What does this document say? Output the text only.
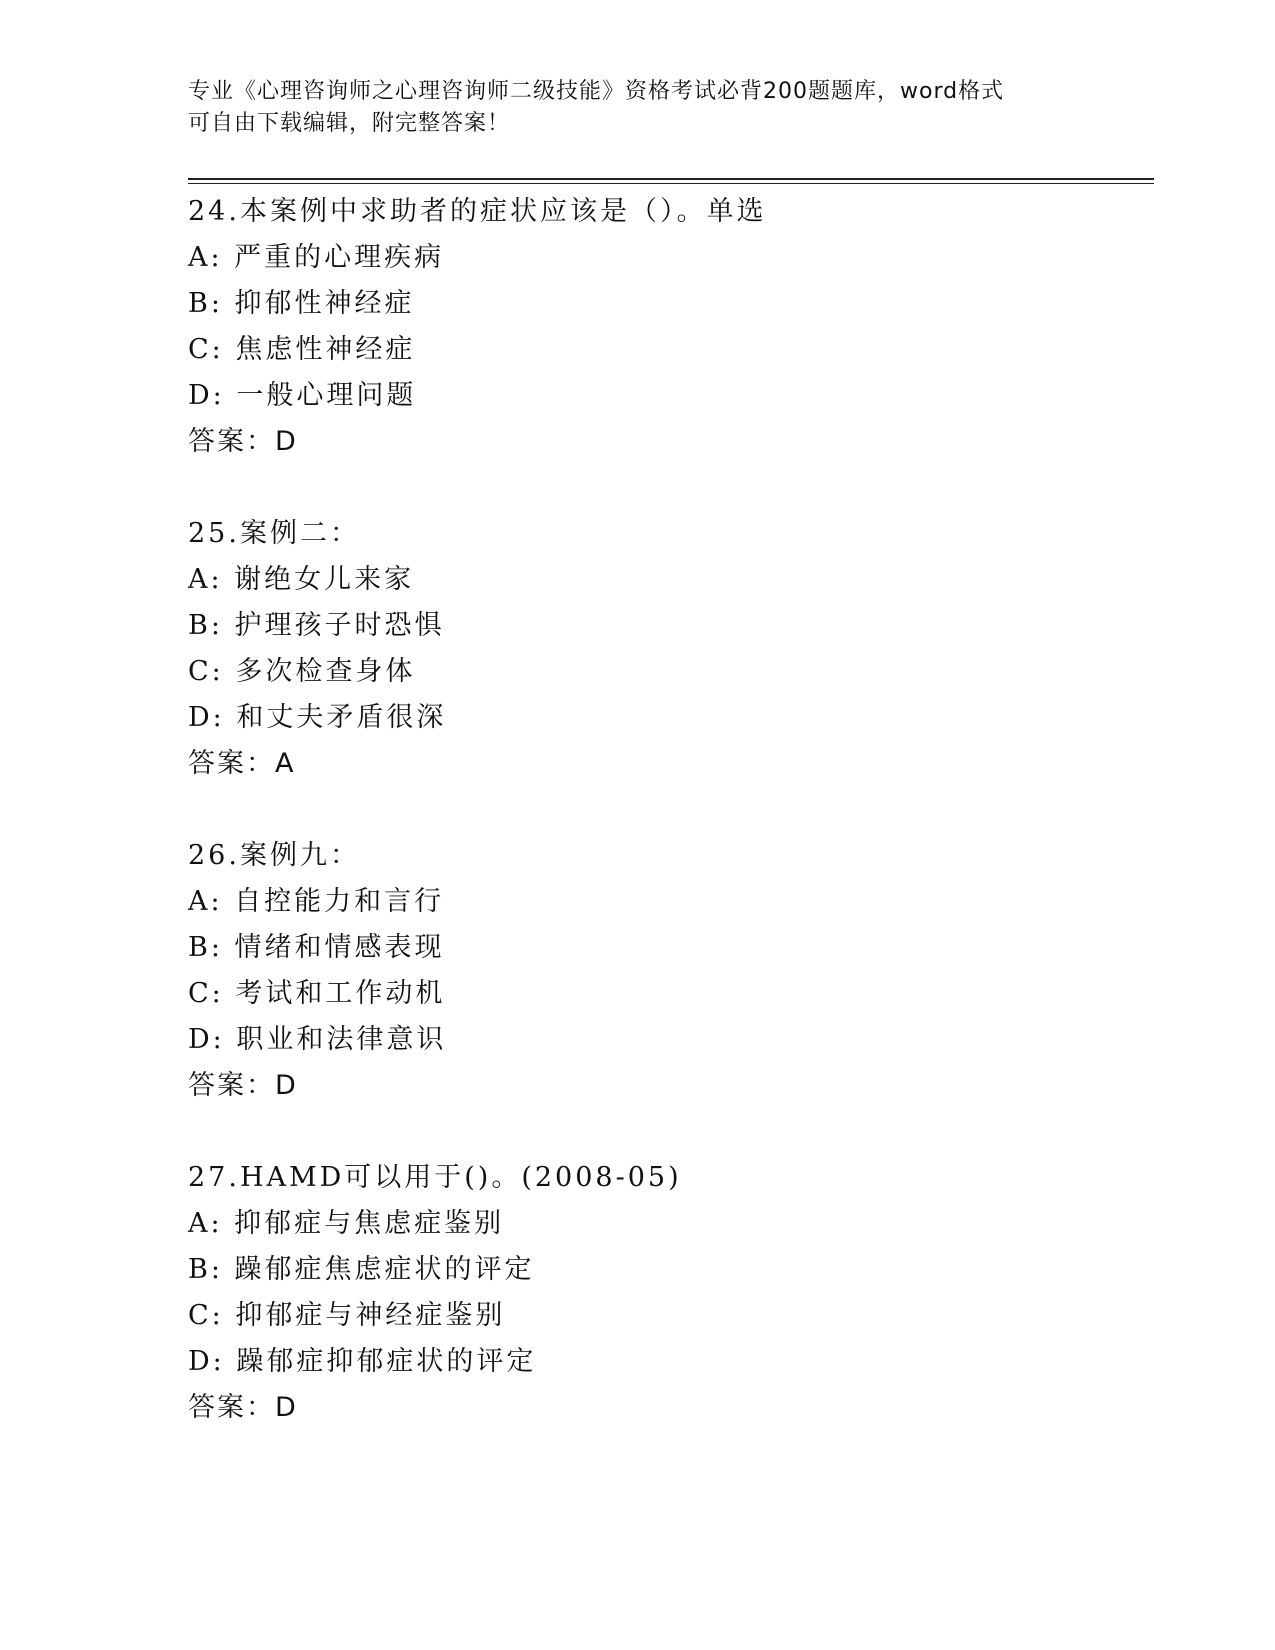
专业《心理咨询师之心理咨询师二级技能》资格考试必背200题题库，word格式
可自由下载编辑，附完整答案！
24.本案例中求助者的症状应该是（）。单选
A: 严重的心理疾病
B: 抑郁性神经症
C: 焦虑性神经症
D: 一般心理问题
答案：D
25.案例二：
A: 谢绝女儿来家
B: 护理孩子时恐惧
C: 多次检查身体
D: 和丈夫矛盾很深
答案：A
26.案例九：
A: 自控能力和言行
B: 情绪和情感表现
C: 考试和工作动机
D: 职业和法律意识
答案：D
27.HAMD可以用于()。(2008-05)
A: 抑郁症与焦虑症鉴别
B: 躁郁症焦虑症状的评定
C: 抑郁症与神经症鉴别
D: 躁郁症抑郁症状的评定
答案：D
